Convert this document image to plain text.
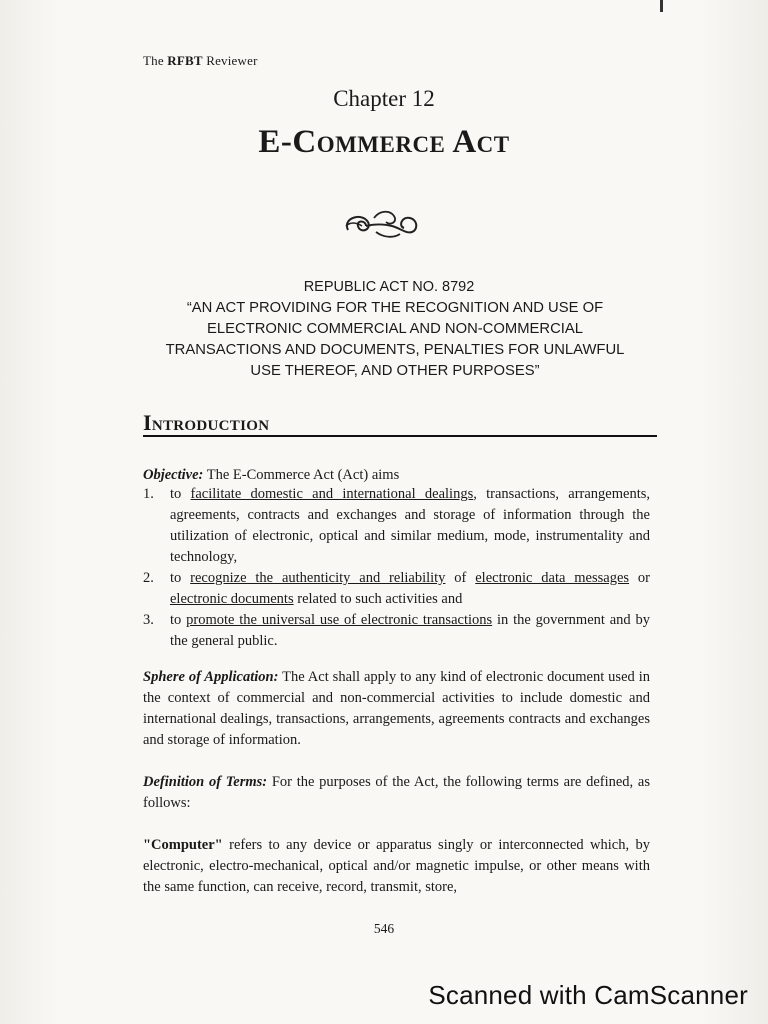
The RFBT Reviewer
Chapter 12
E-Commerce Act
REPUBLIC ACT NO. 8792
“AN ACT PROVIDING FOR THE RECOGNITION AND USE OF ELECTRONIC COMMERCIAL AND NON-COMMERCIAL TRANSACTIONS AND DOCUMENTS, PENALTIES FOR UNLAWFUL USE THEREOF, AND OTHER PURPOSES”
Introduction
Objective: The E-Commerce Act (Act) aims
1. to facilitate domestic and international dealings, transactions, arrangements, agreements, contracts and exchanges and storage of information through the utilization of electronic, optical and similar medium, mode, instrumentality and technology,
2. to recognize the authenticity and reliability of electronic data messages or electronic documents related to such activities and
3. to promote the universal use of electronic transactions in the government and by the general public.
Sphere of Application: The Act shall apply to any kind of electronic document used in the context of commercial and non-commercial activities to include domestic and international dealings, transactions, arrangements, agreements contracts and exchanges and storage of information.
Definition of Terms: For the purposes of the Act, the following terms are defined, as follows:
"Computer" refers to any device or apparatus singly or interconnected which, by electronic, electro-mechanical, optical and/or magnetic impulse, or other means with the same function, can receive, record, transmit, store,
546
Scanned with CamScanner
